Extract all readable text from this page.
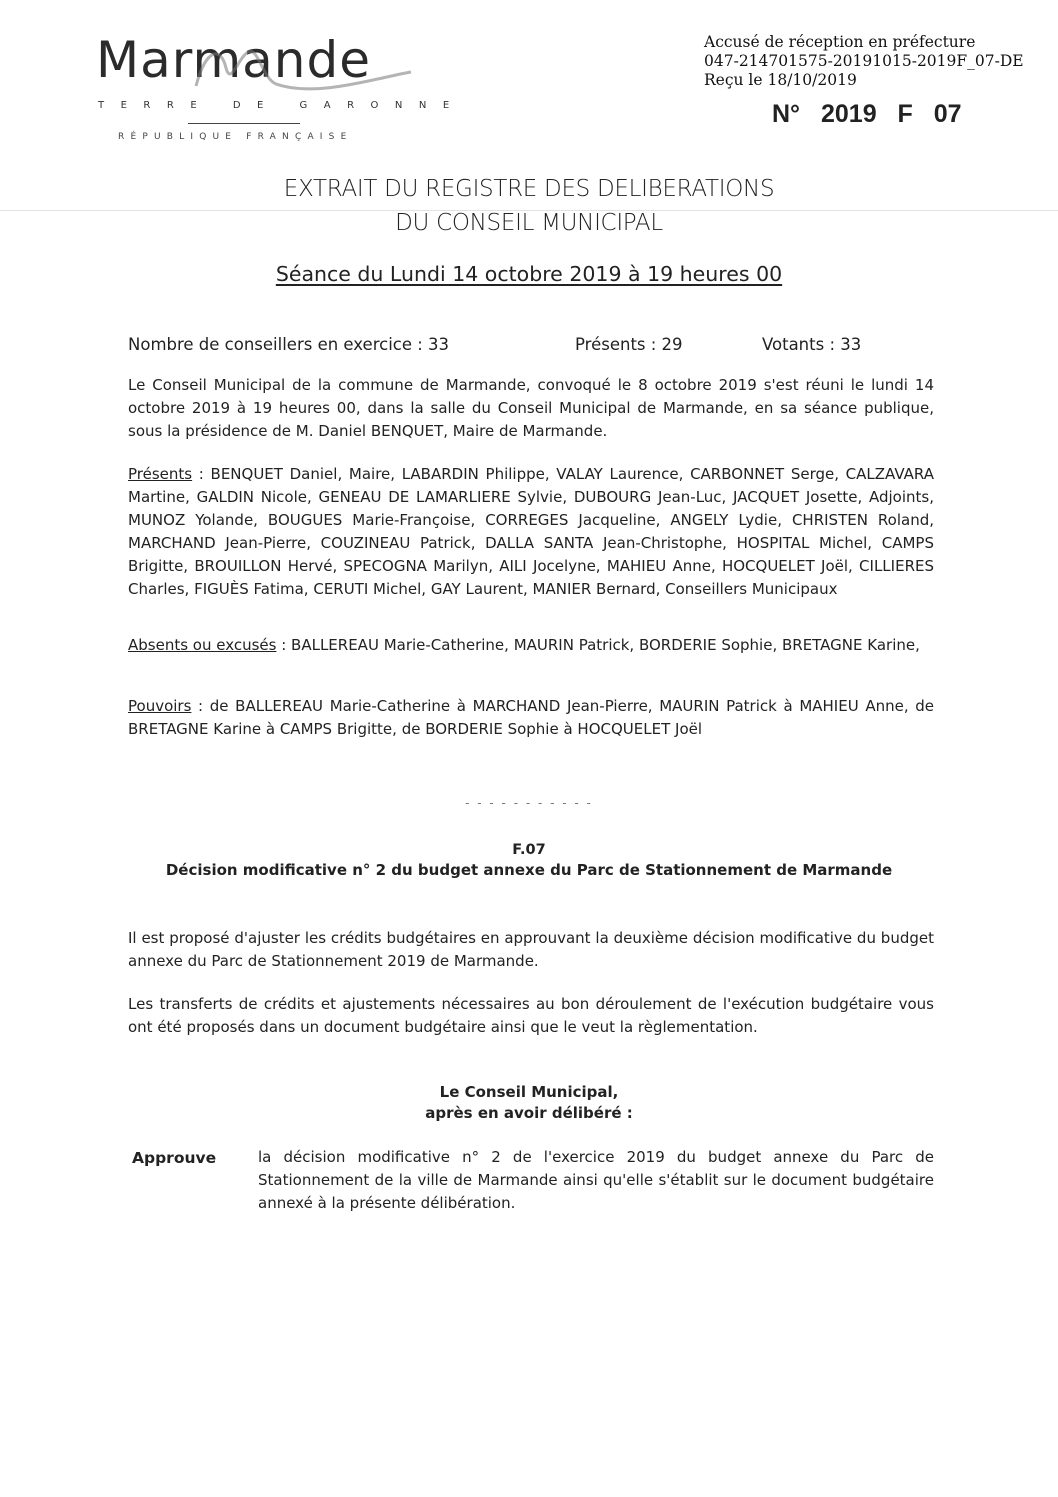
Marmande
TERRE DE GARONNE
RÉPUBLIQUE FRANÇAISE
Accusé de réception en préfecture
047-214701575-20191015-2019F_07-DE
Reçu le 18/10/2019
N° 2019 F 07
EXTRAIT DU REGISTRE DES DELIBERATIONS
DU CONSEIL MUNICIPAL
Séance du Lundi 14 octobre 2019 à 19 heures 00
Nombre de conseillers en exercice : 33	Présents : 29	Votants : 33
Le Conseil Municipal de la commune de Marmande, convoqué le 8 octobre 2019 s'est réuni le lundi 14 octobre 2019 à 19 heures 00, dans la salle du Conseil Municipal de Marmande, en sa séance publique, sous la présidence de M. Daniel BENQUET, Maire de Marmande.
Présents : BENQUET Daniel, Maire, LABARDIN Philippe, VALAY Laurence, CARBONNET Serge, CALZAVARA Martine, GALDIN Nicole, GENEAU DE LAMARLIERE Sylvie, DUBOURG Jean-Luc, JACQUET Josette, Adjoints, MUNOZ Yolande, BOUGUES Marie-Françoise, CORREGES Jacqueline, ANGELY Lydie, CHRISTEN Roland, MARCHAND Jean-Pierre, COUZINEAU Patrick, DALLA SANTA Jean-Christophe, HOSPITAL Michel, CAMPS Brigitte, BROUILLON Hervé, SPECOGNA Marilyn, AILI Jocelyne, MAHIEU Anne, HOCQUELET Joël, CILLIERES Charles, FIGUÈS Fatima, CERUTI Michel, GAY Laurent, MANIER Bernard, Conseillers Municipaux
Absents ou excusés : BALLEREAU Marie-Catherine, MAURIN Patrick, BORDERIE Sophie, BRETAGNE Karine,
Pouvoirs : de BALLEREAU Marie-Catherine à MARCHAND Jean-Pierre, MAURIN Patrick à MAHIEU Anne, de BRETAGNE Karine à CAMPS Brigitte, de BORDERIE Sophie à HOCQUELET Joël
- - - - - - - - - - -
F.07
Décision modificative n° 2 du budget annexe du Parc de Stationnement de Marmande
Il est proposé d'ajuster les crédits budgétaires en approuvant la deuxième décision modificative du budget annexe du Parc de Stationnement 2019 de Marmande.
Les transferts de crédits et ajustements nécessaires au bon déroulement de l'exécution budgétaire vous ont été proposés dans un document budgétaire ainsi que le veut la règlementation.
Le Conseil Municipal,
après en avoir délibéré :
Approuve	la décision modificative n° 2 de l'exercice 2019 du budget annexe du Parc de Stationnement de la ville de Marmande ainsi qu'elle s'établit sur le document budgétaire annexé à la présente délibération.
